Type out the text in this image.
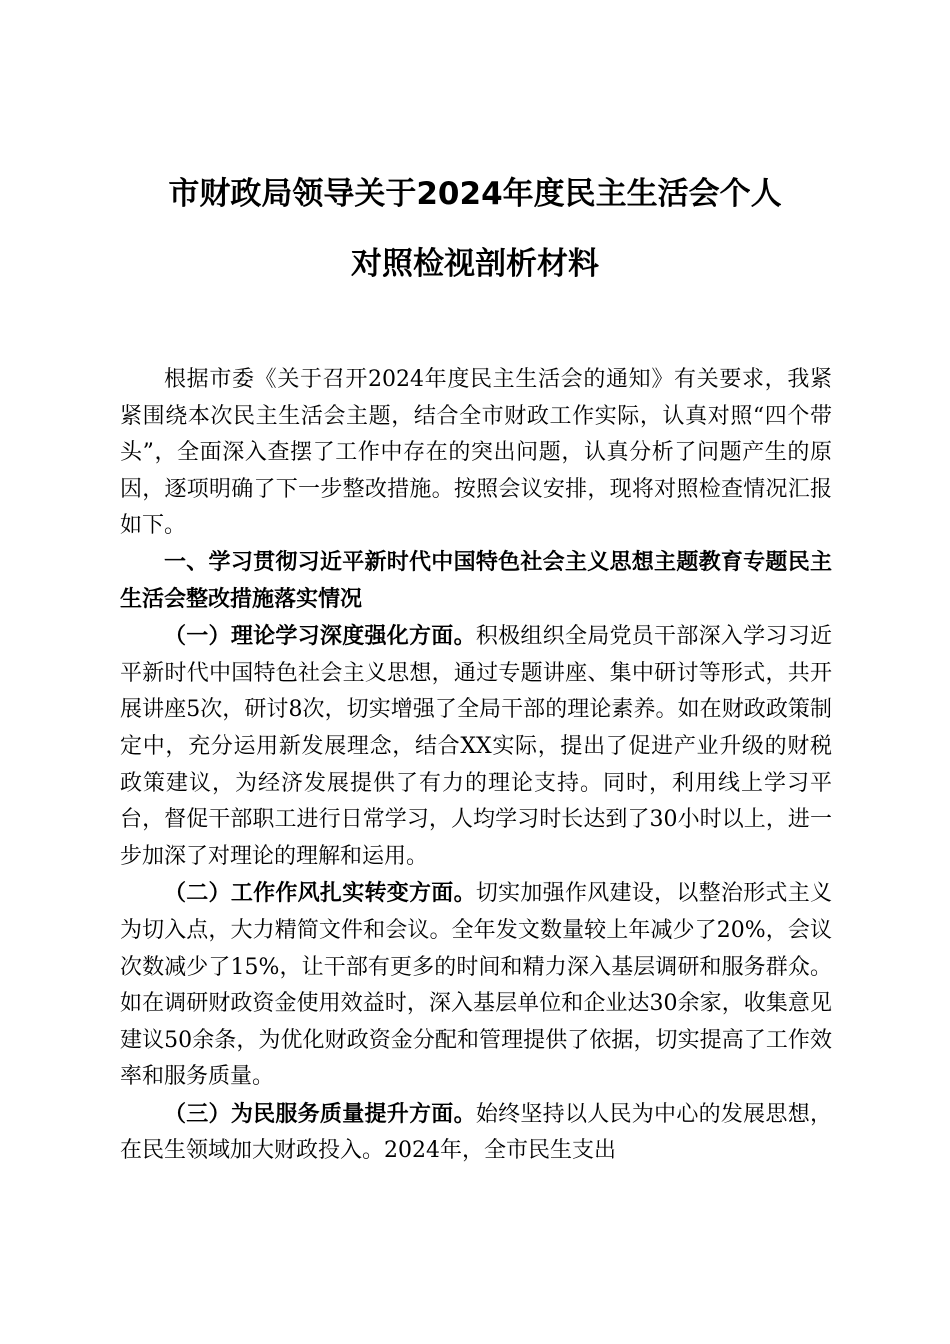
市财政局领导关于2024年度民主生活会个人
对照检视剖析材料

根据市委《关于召开2024年度民主生活会的通知》有关要求，我紧紧围绕本次民主生活会主题，结合全市财政工作实际，认真对照“四个带头”，全面深入查摆了工作中存在的突出问题，认真分析了问题产生的原因，逐项明确了下一步整改措施。按照会议安排，现将对照检查情况汇报如下。

一、学习贯彻习近平新时代中国特色社会主义思想主题教育专题民主生活会整改措施落实情况

（一）理论学习深度强化方面。积极组织全局党员干部深入学习习近平新时代中国特色社会主义思想，通过专题讲座、集中研讨等形式，共开展讲座5次，研讨8次，切实增强了全局干部的理论素养。如在财政政策制定中，充分运用新发展理念，结合XX实际，提出了促进产业升级的财税政策建议，为经济发展提供了有力的理论支持。同时，利用线上学习平台，督促干部职工进行日常学习，人均学习时长达到了30小时以上，进一步加深了对理论的理解和运用。

（二）工作作风扎实转变方面。切实加强作风建设，以整治形式主义为切入点，大力精简文件和会议。全年发文数量较上年减少了20%，会议次数减少了15%，让干部有更多的时间和精力深入基层调研和服务群众。如在调研财政资金使用效益时，深入基层单位和企业达30余家，收集意见建议50余条，为优化财政资金分配和管理提供了依据，切实提高了工作效率和服务质量。

（三）为民服务质量提升方面。始终坚持以人民为中心的发展思想，在民生领域加大财政投入。2024年，全市民生支出
